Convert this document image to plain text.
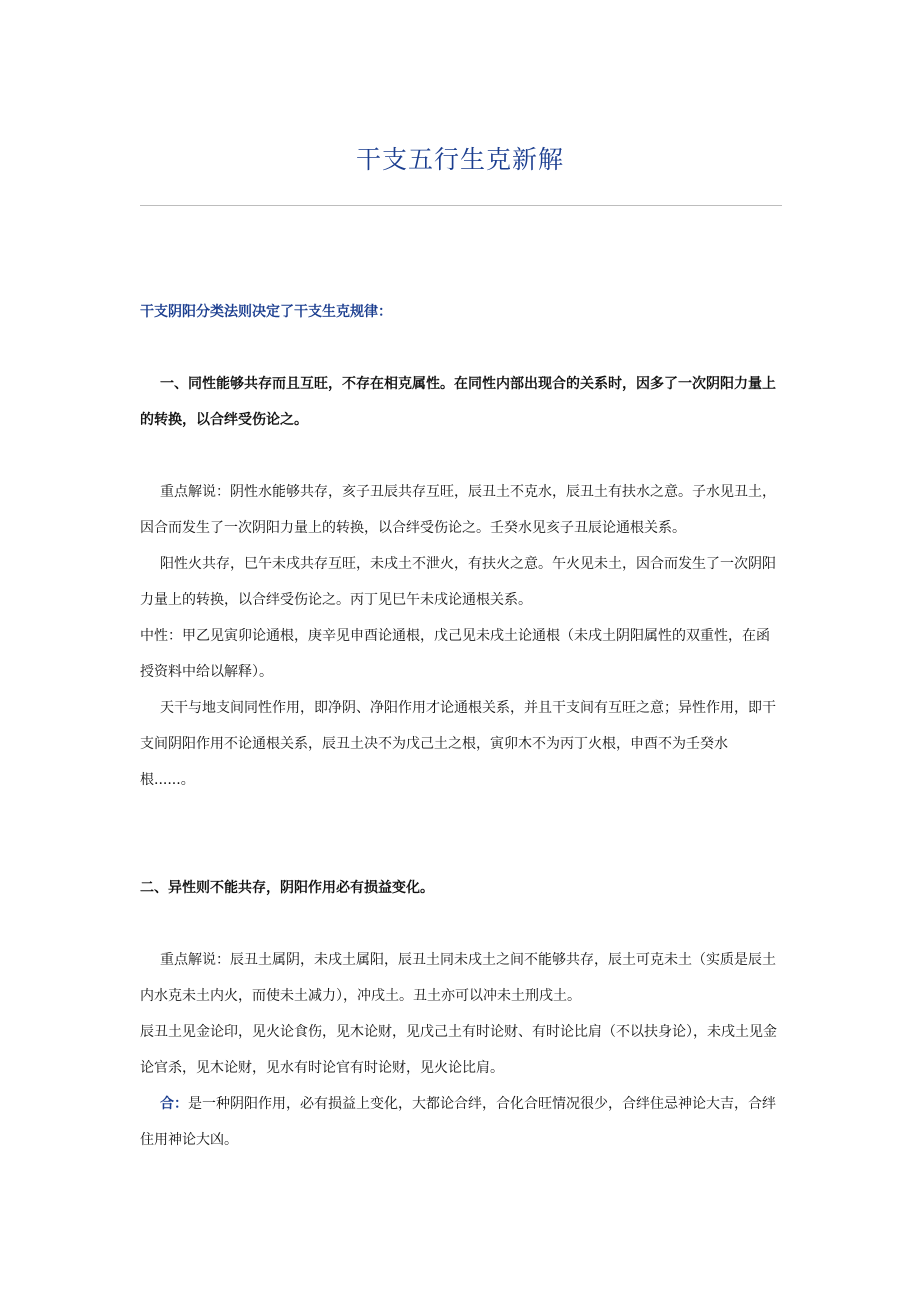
干支五行生克新解

干支阴阳分类法则决定了干支生克规律：

一、同性能够共存而且互旺，不存在相克属性。在同性内部出现合的关系时，因多了一次阴阳力量上的转换，以合绊受伤论之。

重点解说：阴性水能够共存，亥子丑辰共存互旺，辰丑土不克水，辰丑土有扶水之意。子水见丑土，因合而发生了一次阴阳力量上的转换，以合绊受伤论之。壬癸水见亥子丑辰论通根关系。

阳性火共存，巳午未戌共存互旺，未戌土不泄火，有扶火之意。午火见未土，因合而发生了一次阴阳力量上的转换，以合绊受伤论之。丙丁见巳午未戌论通根关系。

中性：甲乙见寅卯论通根，庚辛见申酉论通根，戊己见未戌土论通根（未戌土阴阳属性的双重性，在函授资料中给以解释）。

天干与地支间同性作用，即净阴、净阳作用才论通根关系，并且干支间有互旺之意；异性作用，即干支间阴阳作用不论通根关系，辰丑土决不为戊己土之根，寅卯木不为丙丁火根，申酉不为壬癸水根......。

二、异性则不能共存，阴阳作用必有损益变化。

重点解说：辰丑土属阴，未戌土属阳，辰丑土同未戌土之间不能够共存，辰土可克未土（实质是辰土内水克未土内火，而使未土减力），冲戌土。丑土亦可以冲未土刑戌土。

辰丑土见金论印，见火论食伤，见木论财，见戊己土有时论财、有时论比肩（不以扶身论），未戌土见金论官杀，见木论财，见水有时论官有时论财，见火论比肩。

合：是一种阴阳作用，必有损益上变化，大都论合绊，合化合旺情况很少，合绊住忌神论大吉，合绊住用神论大凶。
